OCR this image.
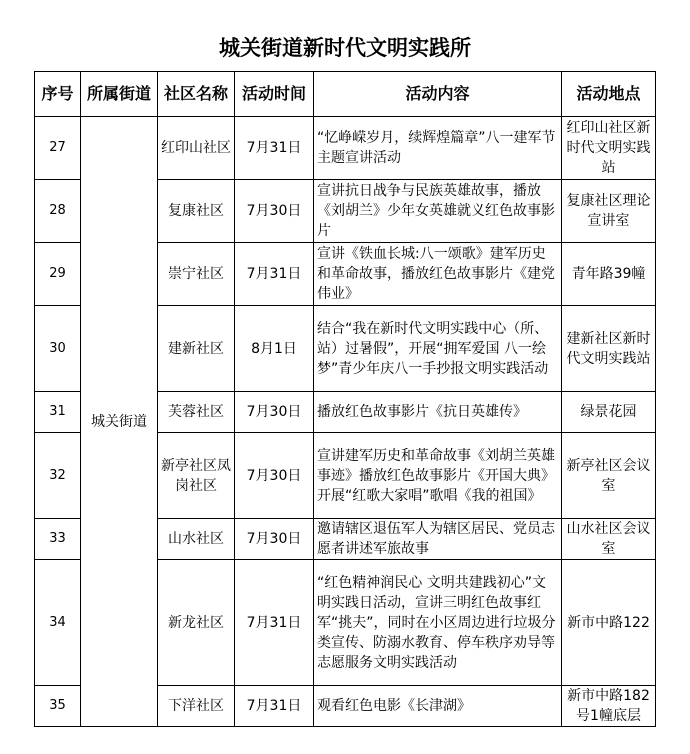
城关街道新时代文明实践所
序号	所属街道	社区名称	活动时间	活动内容	活动地点
27	城关街道	红印山社区	7月31日	“忆峥嵘岁月，续辉煌篇章”八一建军节主题宣讲活动	红印山社区新时代文明实践站
28		复康社区	7月30日	宣讲抗日战争与民族英雄故事，播放《刘胡兰》少年女英雄就义红色故事影片	复康社区理论宣讲室
29		崇宁社区	7月31日	宣讲《铁血长城:八一颂歌》建军历史和革命故事，播放红色故事影片《建党伟业》	青年路39幢
30		建新社区	8月1日	结合“我在新时代文明实践中心（所、站）过暑假”，开展“拥军爱国 八一绘梦”青少年庆八一手抄报文明实践活动	建新社区新时代文明实践站
31		芙蓉社区	7月30日	播放红色故事影片《抗日英雄传》	绿景花园
32		新亭社区凤岗社区	7月30日	宣讲建军历史和革命故事《刘胡兰英雄事迹》播放红色故事影片《开国大典》开展“红歌大家唱”歌唱《我的祖国》	新亭社区会议室
33		山水社区	7月30日	邀请辖区退伍军人为辖区居民、党员志愿者讲述军旅故事	山水社区会议室
34		新龙社区	7月31日	“红色精神润民心 文明共建践初心”文明实践日活动，宣讲三明红色故事红军“挑夫”，同时在小区周边进行垃圾分类宣传、防溺水教育、停车秩序劝导等志愿服务文明实践活动	新市中路122
35		下洋社区	7月31日	观看红色电影《长津湖》	新市中路182号1幢底层
